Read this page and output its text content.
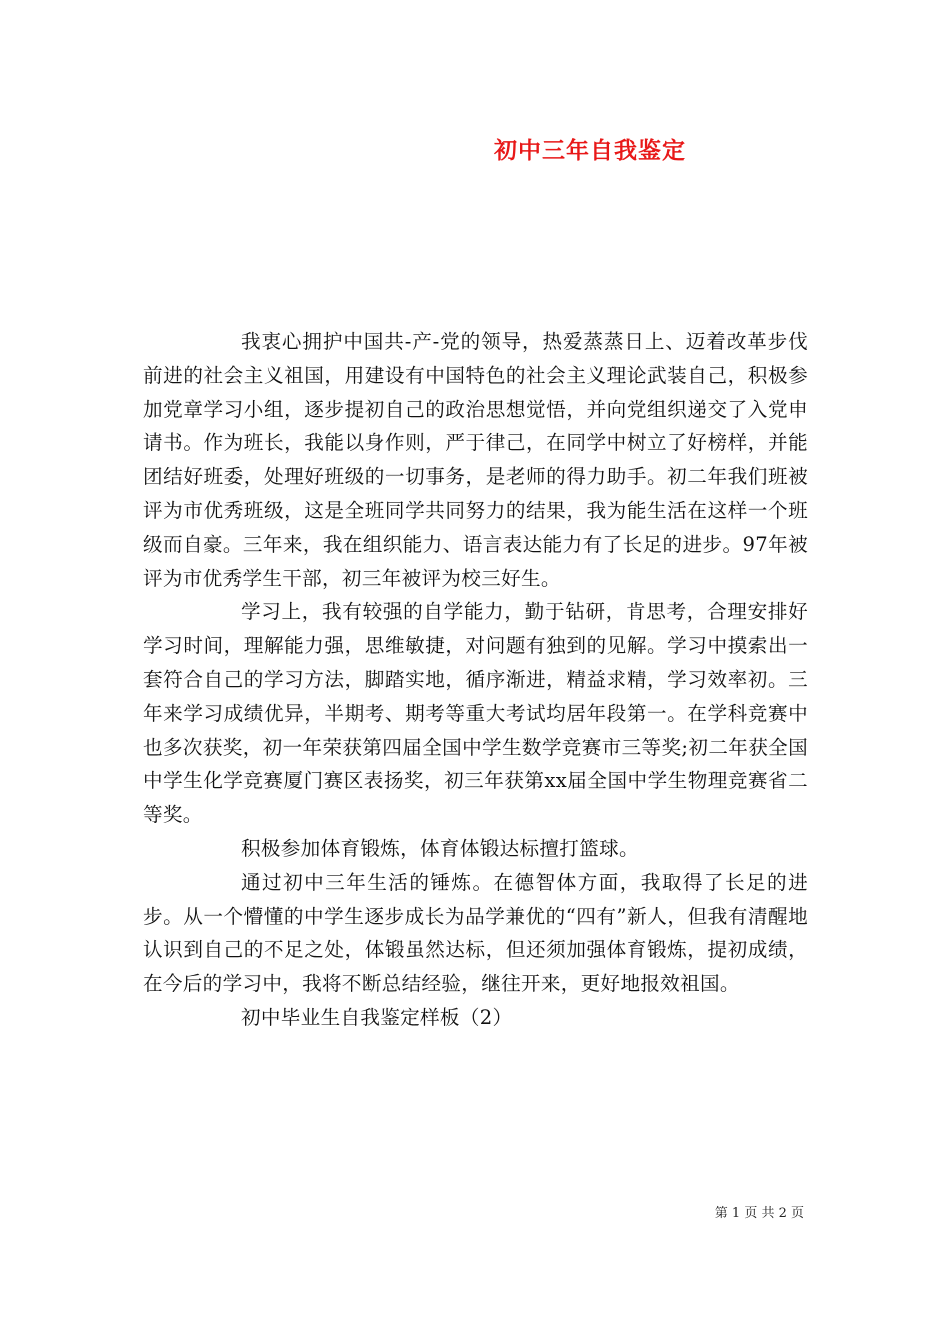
初中三年自我鉴定

我衷心拥护中国共-产-党的领导，热爱蒸蒸日上、迈着改革步伐前进的社会主义祖国，用建设有中国特色的社会主义理论武装自己，积极参加党章学习小组，逐步提初自己的政治思想觉悟，并向党组织递交了入党申请书。作为班长，我能以身作则，严于律己，在同学中树立了好榜样，并能团结好班委，处理好班级的一切事务，是老师的得力助手。初二年我们班被评为市优秀班级，这是全班同学共同努力的结果，我为能生活在这样一个班级而自豪。三年来，我在组织能力、语言表达能力有了长足的进步。97年被评为市优秀学生干部，初三年被评为校三好生。

学习上，我有较强的自学能力，勤于钻研，肯思考，合理安排好学习时间，理解能力强，思维敏捷，对问题有独到的见解。学习中摸索出一套符合自己的学习方法，脚踏实地，循序渐进，精益求精，学习效率初。三年来学习成绩优异，半期考、期考等重大考试均居年段第一。在学科竞赛中也多次获奖，初一年荣获第四届全国中学生数学竞赛市三等奖;初二年获全国中学生化学竞赛厦门赛区表扬奖，初三年获第xx届全国中学生物理竞赛省二等奖。

积极参加体育锻炼，体育体锻达标擅打篮球。

通过初中三年生活的锤炼。在德智体方面，我取得了长足的进步。从一个懵懂的中学生逐步成长为品学兼优的“四有”新人，但我有清醒地认识到自己的不足之处，体锻虽然达标，但还须加强体育锻炼，提初成绩，在今后的学习中，我将不断总结经验，继往开来，更好地报效祖国。

初中毕业生自我鉴定样板（2）

第 1 页 共 2 页
